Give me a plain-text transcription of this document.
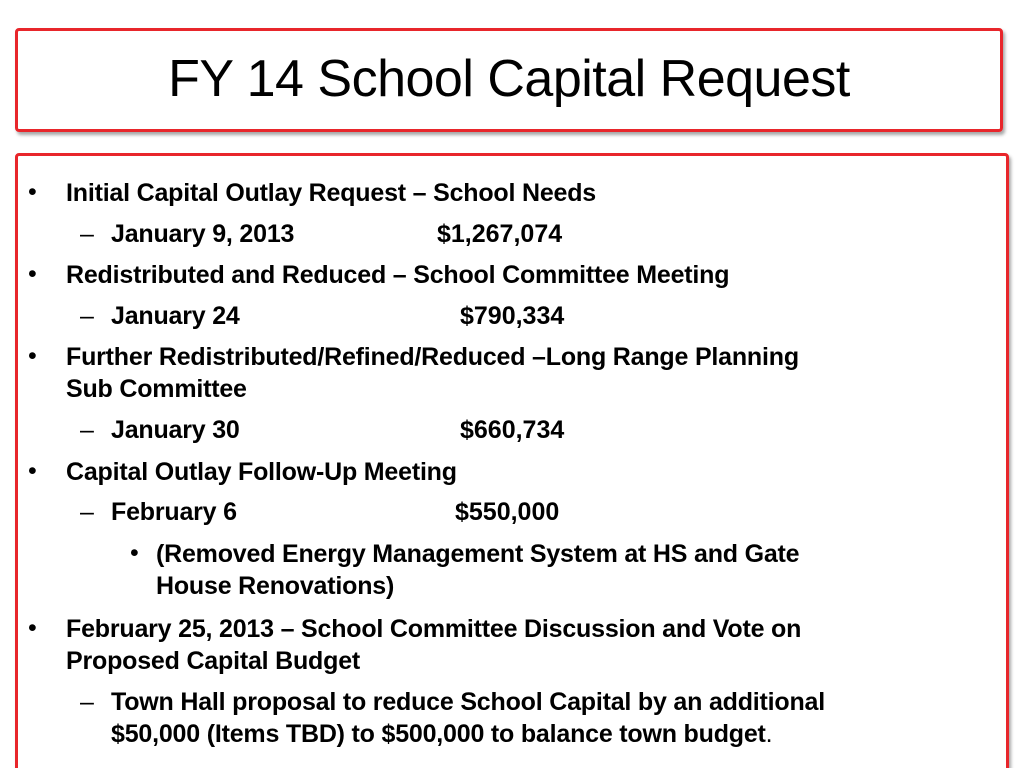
FY 14 School Capital Request
• Initial Capital Outlay Request – School Needs
– January 9, 2013	$1,267,074
• Redistributed and Reduced – School Committee Meeting
– January 24	$790,334
• Further Redistributed/Refined/Reduced –Long Range Planning
Sub Committee
– January 30	$660,734
• Capital Outlay Follow-Up Meeting
– February 6	$550,000
• (Removed Energy Management System at HS and Gate
House Renovations)
• February 25, 2013 – School Committee Discussion and Vote on
Proposed Capital Budget
– Town Hall proposal to reduce School Capital by an additional
$50,000 (Items TBD) to $500,000 to balance town budget.
